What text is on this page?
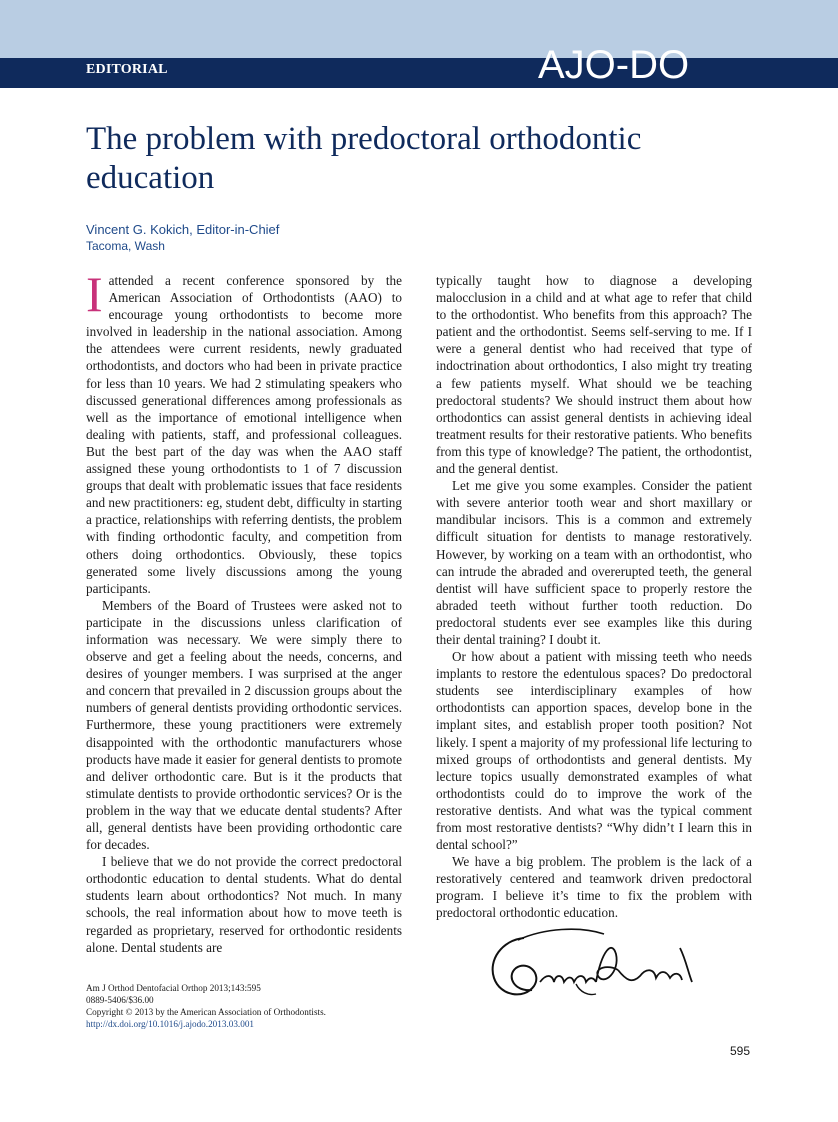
EDITORIAL	AJO-DO
The problem with predoctoral orthodontic education
Vincent G. Kokich, Editor-in-Chief
Tacoma, Wash

Iattended a recent conference sponsored by the American Association of Orthodontists (AAO) to encourage young orthodontists to become more involved in leadership in the national association. Among the attendees were current residents, newly graduated orthodontists, and doctors who had been in private practice for less than 10 years. We had 2 stimulating speakers who discussed generational differences among professionals as well as the importance of emotional intelligence when dealing with patients, staff, and professional colleagues. But the best part of the day was when the AAO staff assigned these young orthodontists to 1 of 7 discussion groups that dealt with problematic issues that face residents and new practitioners: eg, student debt, difficulty in starting a practice, relationships with referring dentists, the problem with finding orthodontic faculty, and competition from others doing orthodontics. Obviously, these topics generated some lively discussions among the young participants.

Members of the Board of Trustees were asked not to participate in the discussions unless clarification of information was necessary. We were simply there to observe and get a feeling about the needs, concerns, and desires of younger members. I was surprised at the anger and concern that prevailed in 2 discussion groups about the numbers of general dentists providing orthodontic services. Furthermore, these young practitioners were extremely disappointed with the orthodontic manufacturers whose products have made it easier for general dentists to promote and deliver orthodontic care. But is it the products that stimulate dentists to provide orthodontic services? Or is the problem in the way that we educate dental students? After all, general dentists have been providing orthodontic care for decades.

I believe that we do not provide the correct predoctoral orthodontic education to dental students. What do dental students learn about orthodontics? Not much. In many schools, the real information about how to move teeth is regarded as proprietary, reserved for orthodontic residents alone. Dental students are

typically taught how to diagnose a developing malocclusion in a child and at what age to refer that child to the orthodontist. Who benefits from this approach? The patient and the orthodontist. Seems self-serving to me. If I were a general dentist who had received that type of indoctrination about orthodontics, I also might try treating a few patients myself. What should we be teaching predoctoral students? We should instruct them about how orthodontics can assist general dentists in achieving ideal treatment results for their restorative patients. Who benefits from this type of knowledge? The patient, the orthodontist, and the general dentist.

Let me give you some examples. Consider the patient with severe anterior tooth wear and short maxillary or mandibular incisors. This is a common and extremely difficult situation for dentists to manage restoratively. However, by working on a team with an orthodontist, who can intrude the abraded and overerupted teeth, the general dentist will have sufficient space to properly restore the abraded teeth without further tooth reduction. Do predoctoral students ever see examples like this during their dental training? I doubt it.

Or how about a patient with missing teeth who needs implants to restore the edentulous spaces? Do predoctoral students see interdisciplinary examples of how orthodontists can apportion spaces, develop bone in the implant sites, and establish proper tooth position? Not likely. I spent a majority of my professional life lecturing to mixed groups of orthodontists and general dentists. My lecture topics usually demonstrated examples of what orthodontists could do to improve the work of the restorative dentists. And what was the typical comment from most restorative dentists? “Why didn’t I learn this in dental school?”

We have a big problem. The problem is the lack of a restoratively centered and teamwork driven predoctoral program. I believe it’s time to fix the problem with predoctoral orthodontic education.

Am J Orthod Dentofacial Orthop 2013;143:595
0889-5406/$36.00
Copyright © 2013 by the American Association of Orthodontists.
http://dx.doi.org/10.1016/j.ajodo.2013.03.001
595
